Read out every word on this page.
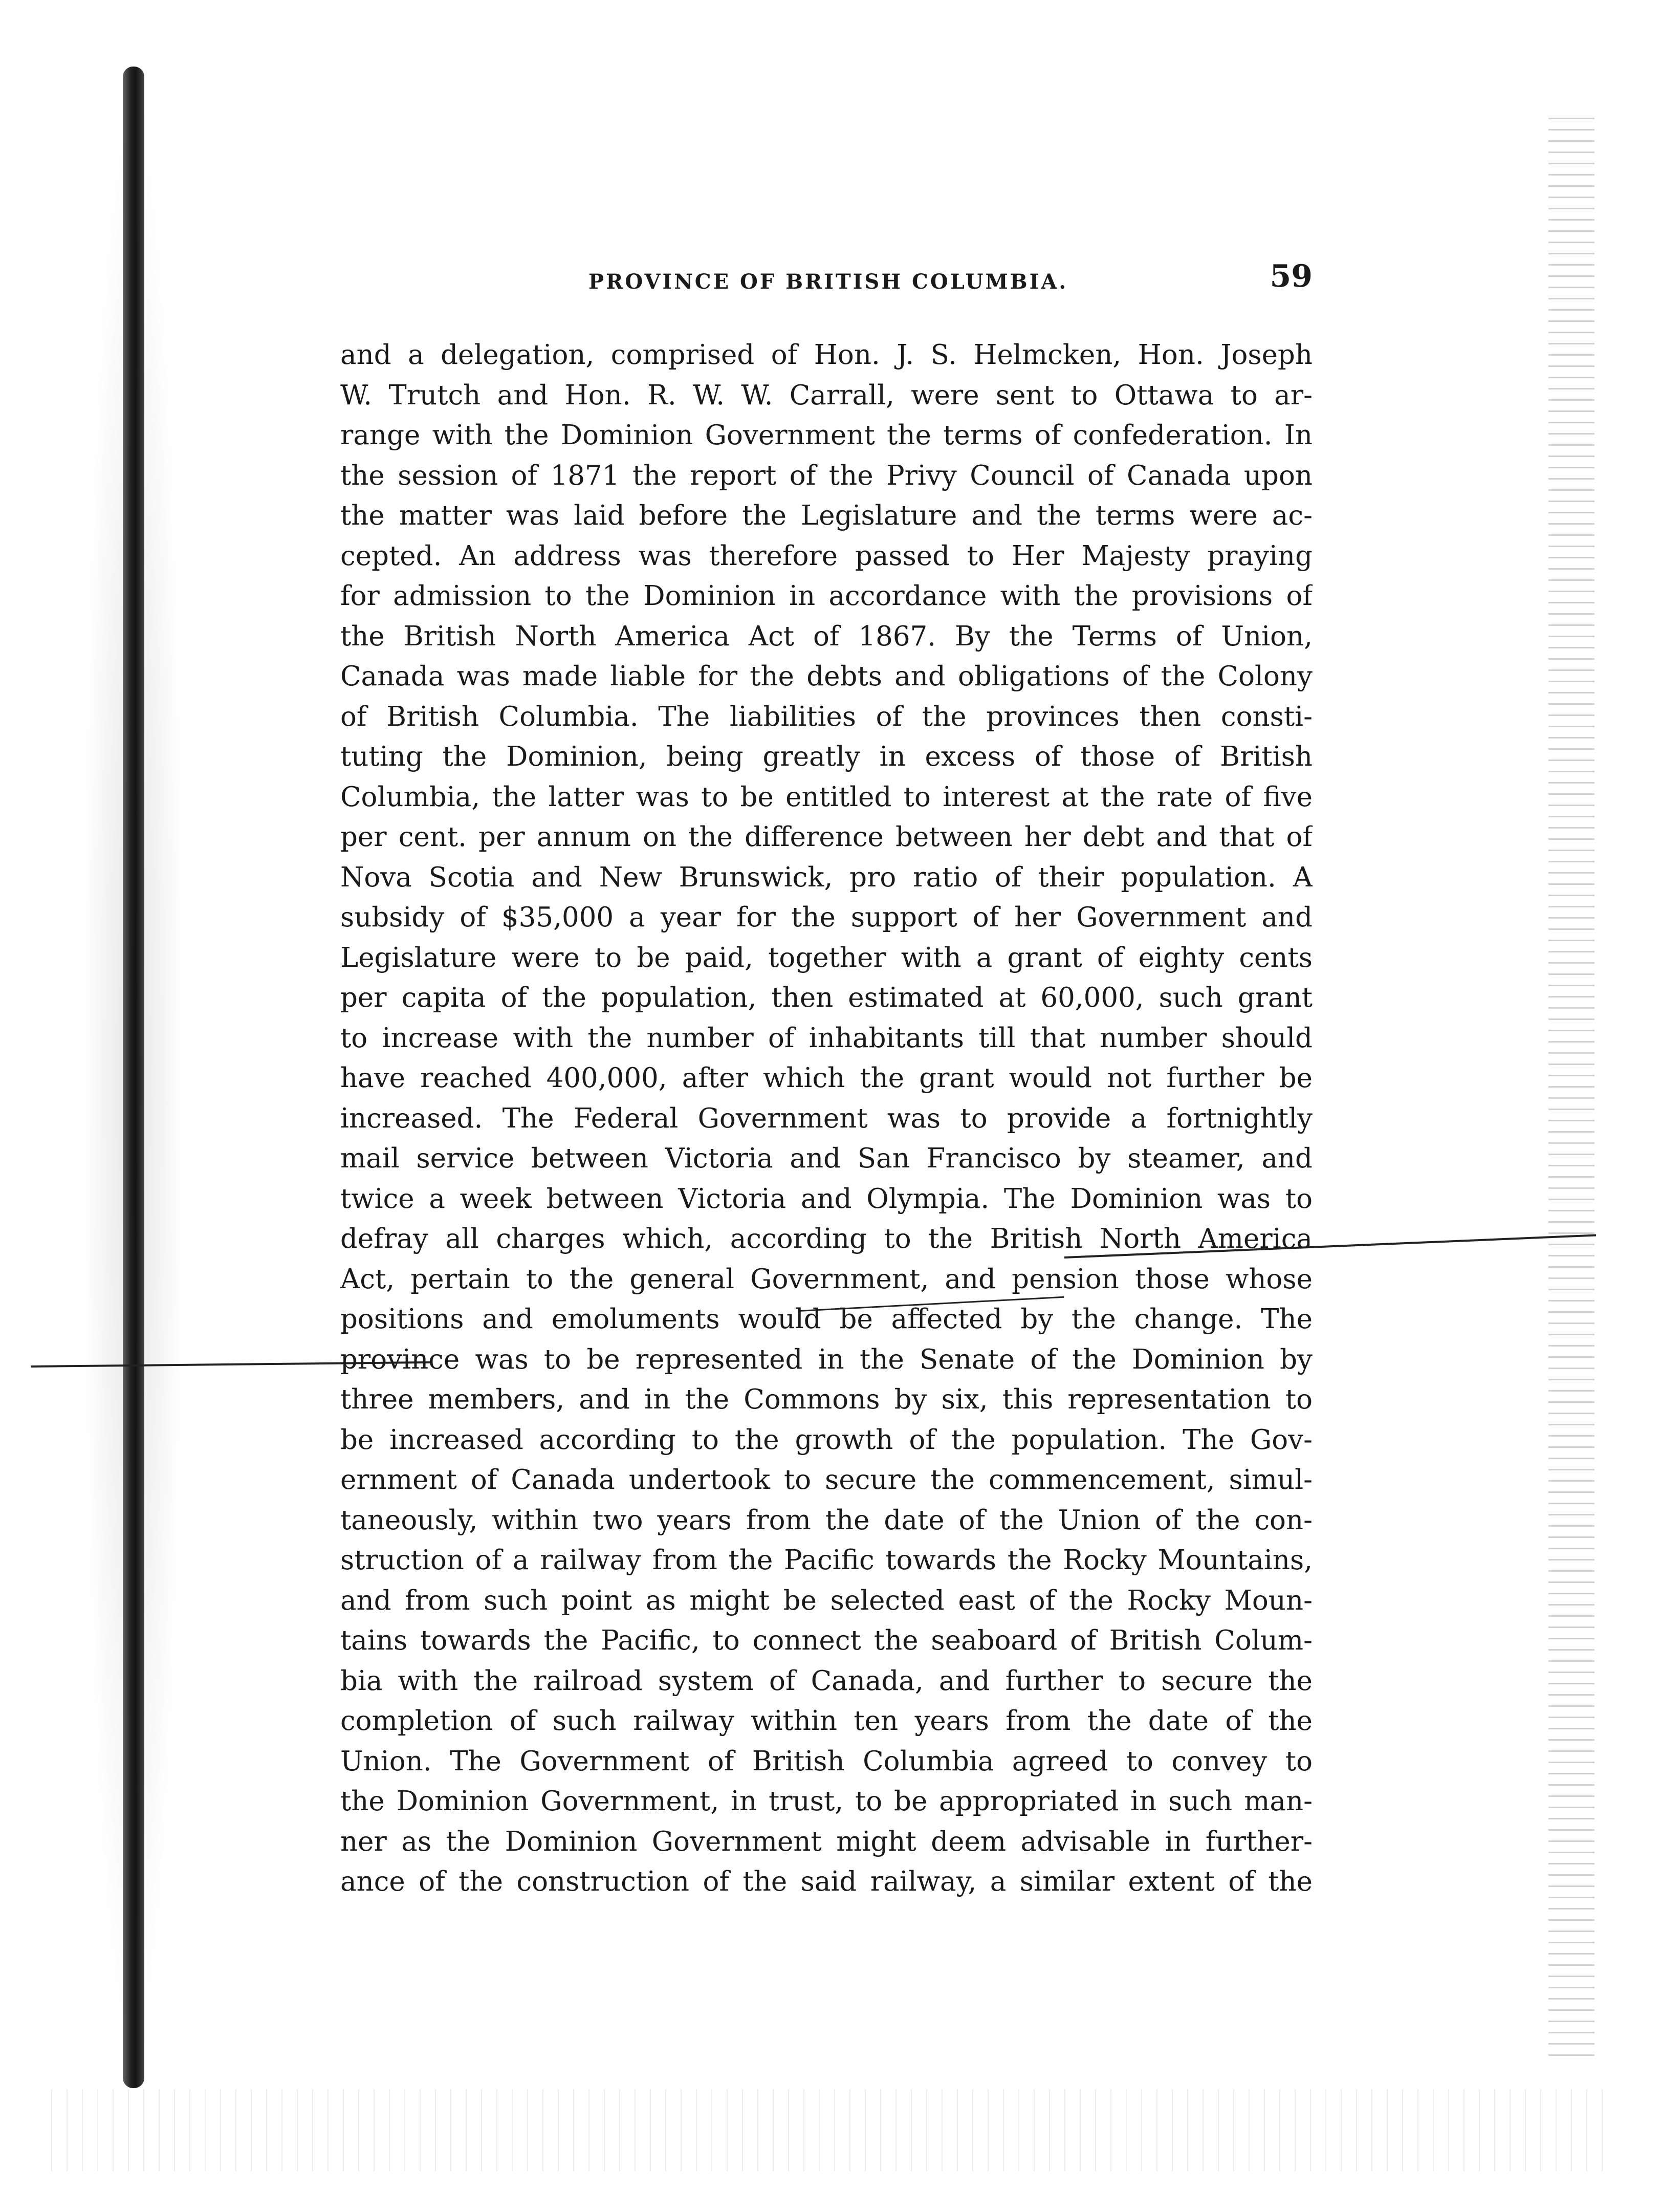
PROVINCE OF BRITISH COLUMBIA.	59
and a delegation, comprised of Hon. J. S. Helmcken, Hon. Joseph
W. Trutch and Hon. R. W. W. Carrall, were sent to Ottawa to ar-
range with the Dominion Government the terms of confederation. In
the session of 1871 the report of the Privy Council of Canada upon
the matter was laid before the Legislature and the terms were ac-
cepted. An address was therefore passed to Her Majesty praying
for admission to the Dominion in accordance with the provisions of
the British North America Act of 1867. By the Terms of Union,
Canada was made liable for the debts and obligations of the Colony
of British Columbia. The liabilities of the provinces then consti-
tuting the Dominion, being greatly in excess of those of British
Columbia, the latter was to be entitled to interest at the rate of five
per cent. per annum on the difference between her debt and that of
Nova Scotia and New Brunswick, pro ratio of their population. A
subsidy of $35,000 a year for the support of her Government and
Legislature were to be paid, together with a grant of eighty cents
per capita of the population, then estimated at 60,000, such grant
to increase with the number of inhabitants till that number should
have reached 400,000, after which the grant would not further be
increased. The Federal Government was to provide a fortnightly
mail service between Victoria and San Francisco by steamer, and
twice a week between Victoria and Olympia. The Dominion was to
defray all charges which, according to the British North America
Act, pertain to the general Government, and pension those whose
positions and emoluments would be affected by the change. The
province was to be represented in the Senate of the Dominion by
three members, and in the Commons by six, this representation to
be increased according to the growth of the population. The Gov-
ernment of Canada undertook to secure the commencement, simul-
taneously, within two years from the date of the Union of the con-
struction of a railway from the Pacific towards the Rocky Mountains,
and from such point as might be selected east of the Rocky Moun-
tains towards the Pacific, to connect the seaboard of British Colum-
bia with the railroad system of Canada, and further to secure the
completion of such railway within ten years from the date of the
Union. The Government of British Columbia agreed to convey to
the Dominion Government, in trust, to be appropriated in such man-
ner as the Dominion Government might deem advisable in further-
ance of the construction of the said railway, a similar extent of the
